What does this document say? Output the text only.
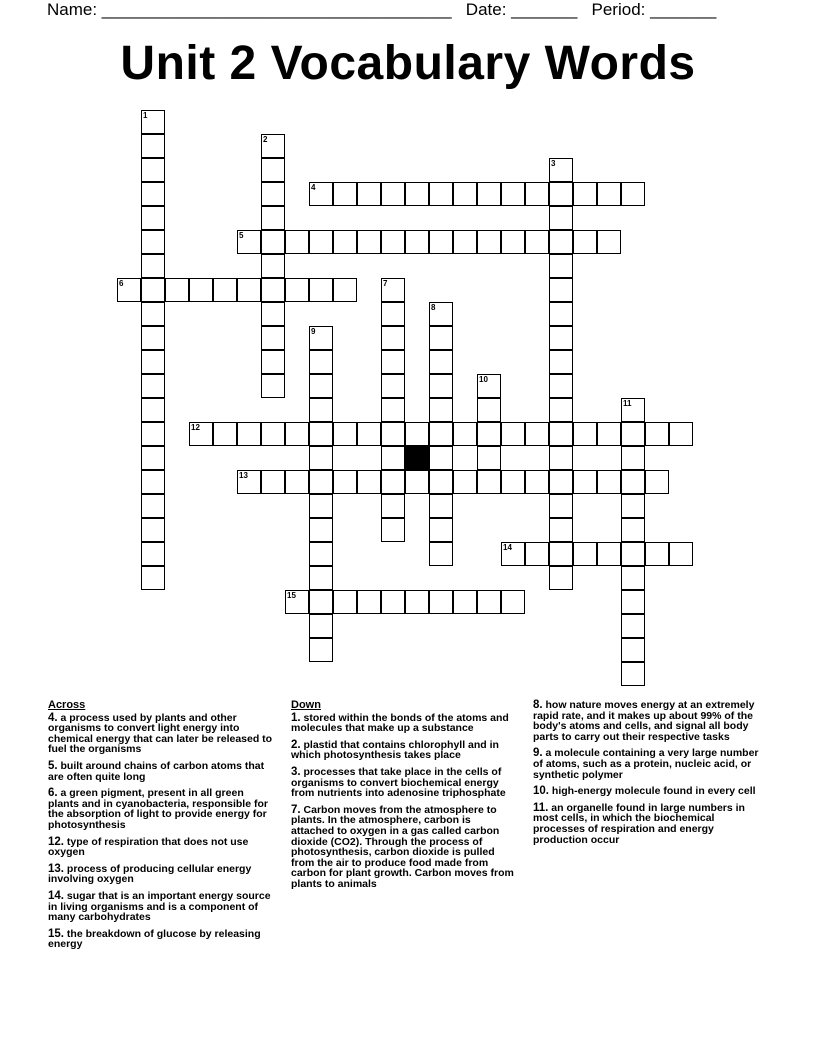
Name: _____________________________________ Date: _______ Period: _______
Unit 2 Vocabulary Words
1
2
3
4
5
6	7
8
9
10
11
12
13
14
15
Across
4. a process used by plants and other organisms to convert light energy into chemical energy that can later be released to fuel the organisms
5. built around chains of carbon atoms that are often quite long
6. a green pigment, present in all green plants and in cyanobacteria, responsible for the absorption of light to provide energy for photosynthesis
12. type of respiration that does not use oxygen
13. process of producing cellular energy involving oxygen
14. sugar that is an important energy source in living organisms and is a component of many carbohydrates
15. the breakdown of glucose by releasing energy
Down
1. stored within the bonds of the atoms and molecules that make up a substance
2. plastid that contains chlorophyll and in which photosynthesis takes place
3. processes that take place in the cells of organisms to convert biochemical energy from nutrients into adenosine triphosphate
7. Carbon moves from the atmosphere to plants. In the atmosphere, carbon is attached to oxygen in a gas called carbon dioxide (CO2). Through the process of photosynthesis, carbon dioxide is pulled from the air to produce food made from carbon for plant growth. Carbon moves from plants to animals
8. how nature moves energy at an extremely rapid rate, and it makes up about 99% of the body's atoms and cells, and signal all body parts to carry out their respective tasks
9. a molecule containing a very large number of atoms, such as a protein, nucleic acid, or synthetic polymer
10. high-energy molecule found in every cell
11. an organelle found in large numbers in most cells, in which the biochemical processes of respiration and energy production occur
